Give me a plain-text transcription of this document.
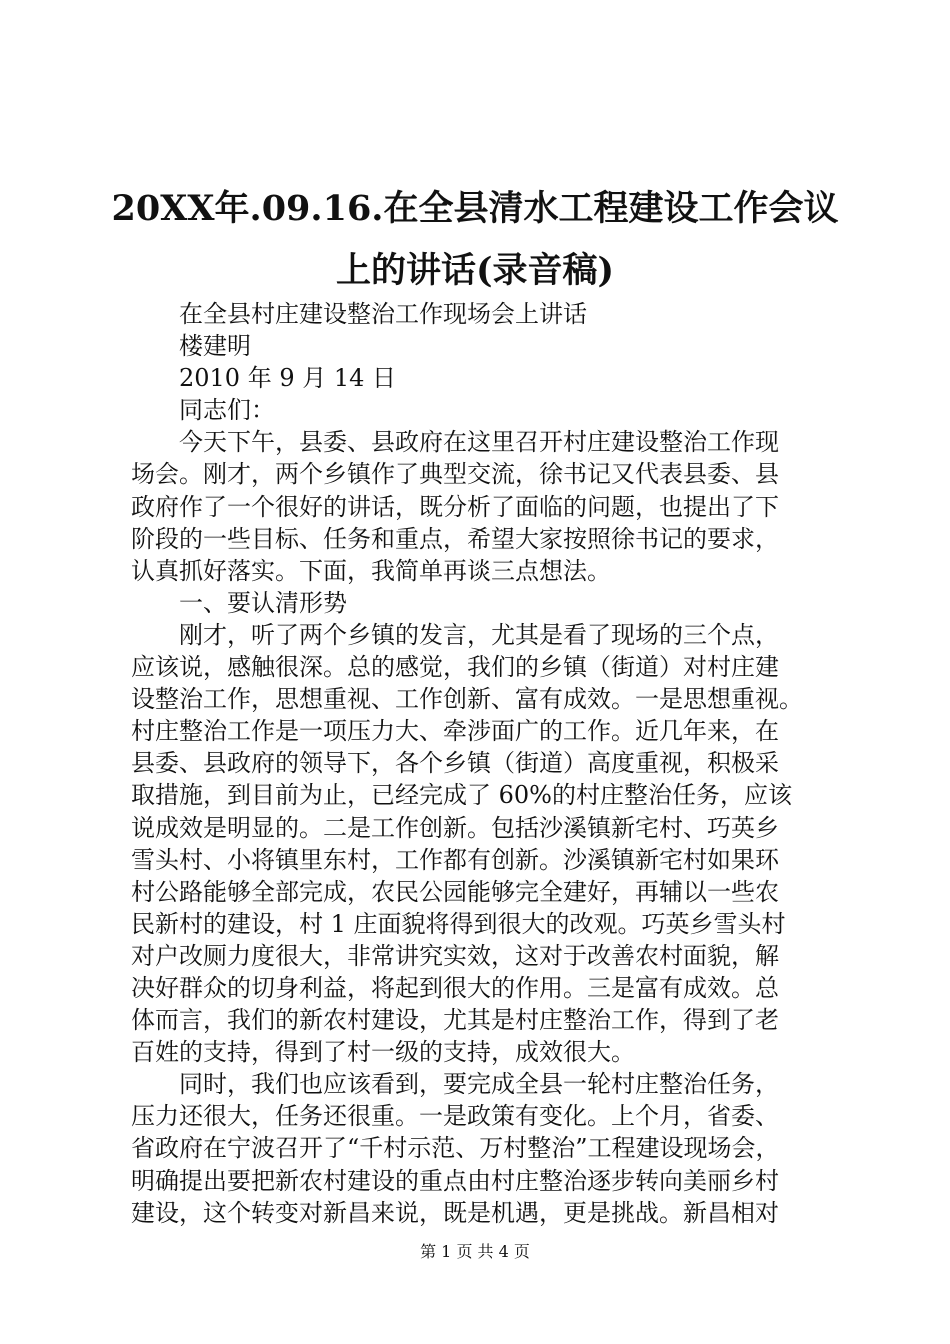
20XX年.09.16.在全县清水工程建设工作会议
上的讲话(录音稿)
在全县村庄建设整治工作现场会上讲话
楼建明
2010 年 9 月 14 日
同志们：
今天下午，县委、县政府在这里召开村庄建设整治工作现
场会。刚才，两个乡镇作了典型交流，徐书记又代表县委、县
政府作了一个很好的讲话，既分析了面临的问题，也提出了下
阶段的一些目标、任务和重点，希望大家按照徐书记的要求，
认真抓好落实。下面，我简单再谈三点想法。
一、要认清形势
刚才，听了两个乡镇的发言，尤其是看了现场的三个点，
应该说，感触很深。总的感觉，我们的乡镇（街道）对村庄建
设整治工作，思想重视、工作创新、富有成效。一是思想重视。
村庄整治工作是一项压力大、牵涉面广的工作。近几年来，在
县委、县政府的领导下，各个乡镇（街道）高度重视，积极采
取措施，到目前为止，已经完成了 60%的村庄整治任务，应该
说成效是明显的。二是工作创新。包括沙溪镇新宅村、巧英乡
雪头村、小将镇里东村，工作都有创新。沙溪镇新宅村如果环
村公路能够全部完成，农民公园能够完全建好，再辅以一些农
民新村的建设，村 1 庄面貌将得到很大的改观。巧英乡雪头村
对户改厕力度很大，非常讲究实效，这对于改善农村面貌，解
决好群众的切身利益，将起到很大的作用。三是富有成效。总
体而言，我们的新农村建设，尤其是村庄整治工作，得到了老
百姓的支持，得到了村一级的支持，成效很大。
同时，我们也应该看到，要完成全县一轮村庄整治任务，
压力还很大，任务还很重。一是政策有变化。上个月，省委、
省政府在宁波召开了“千村示范、万村整治”工程建设现场会，
明确提出要把新农村建设的重点由村庄整治逐步转向美丽乡村
建设，这个转变对新昌来说，既是机遇，更是挑战。新昌相对
第 1 页 共 4 页
